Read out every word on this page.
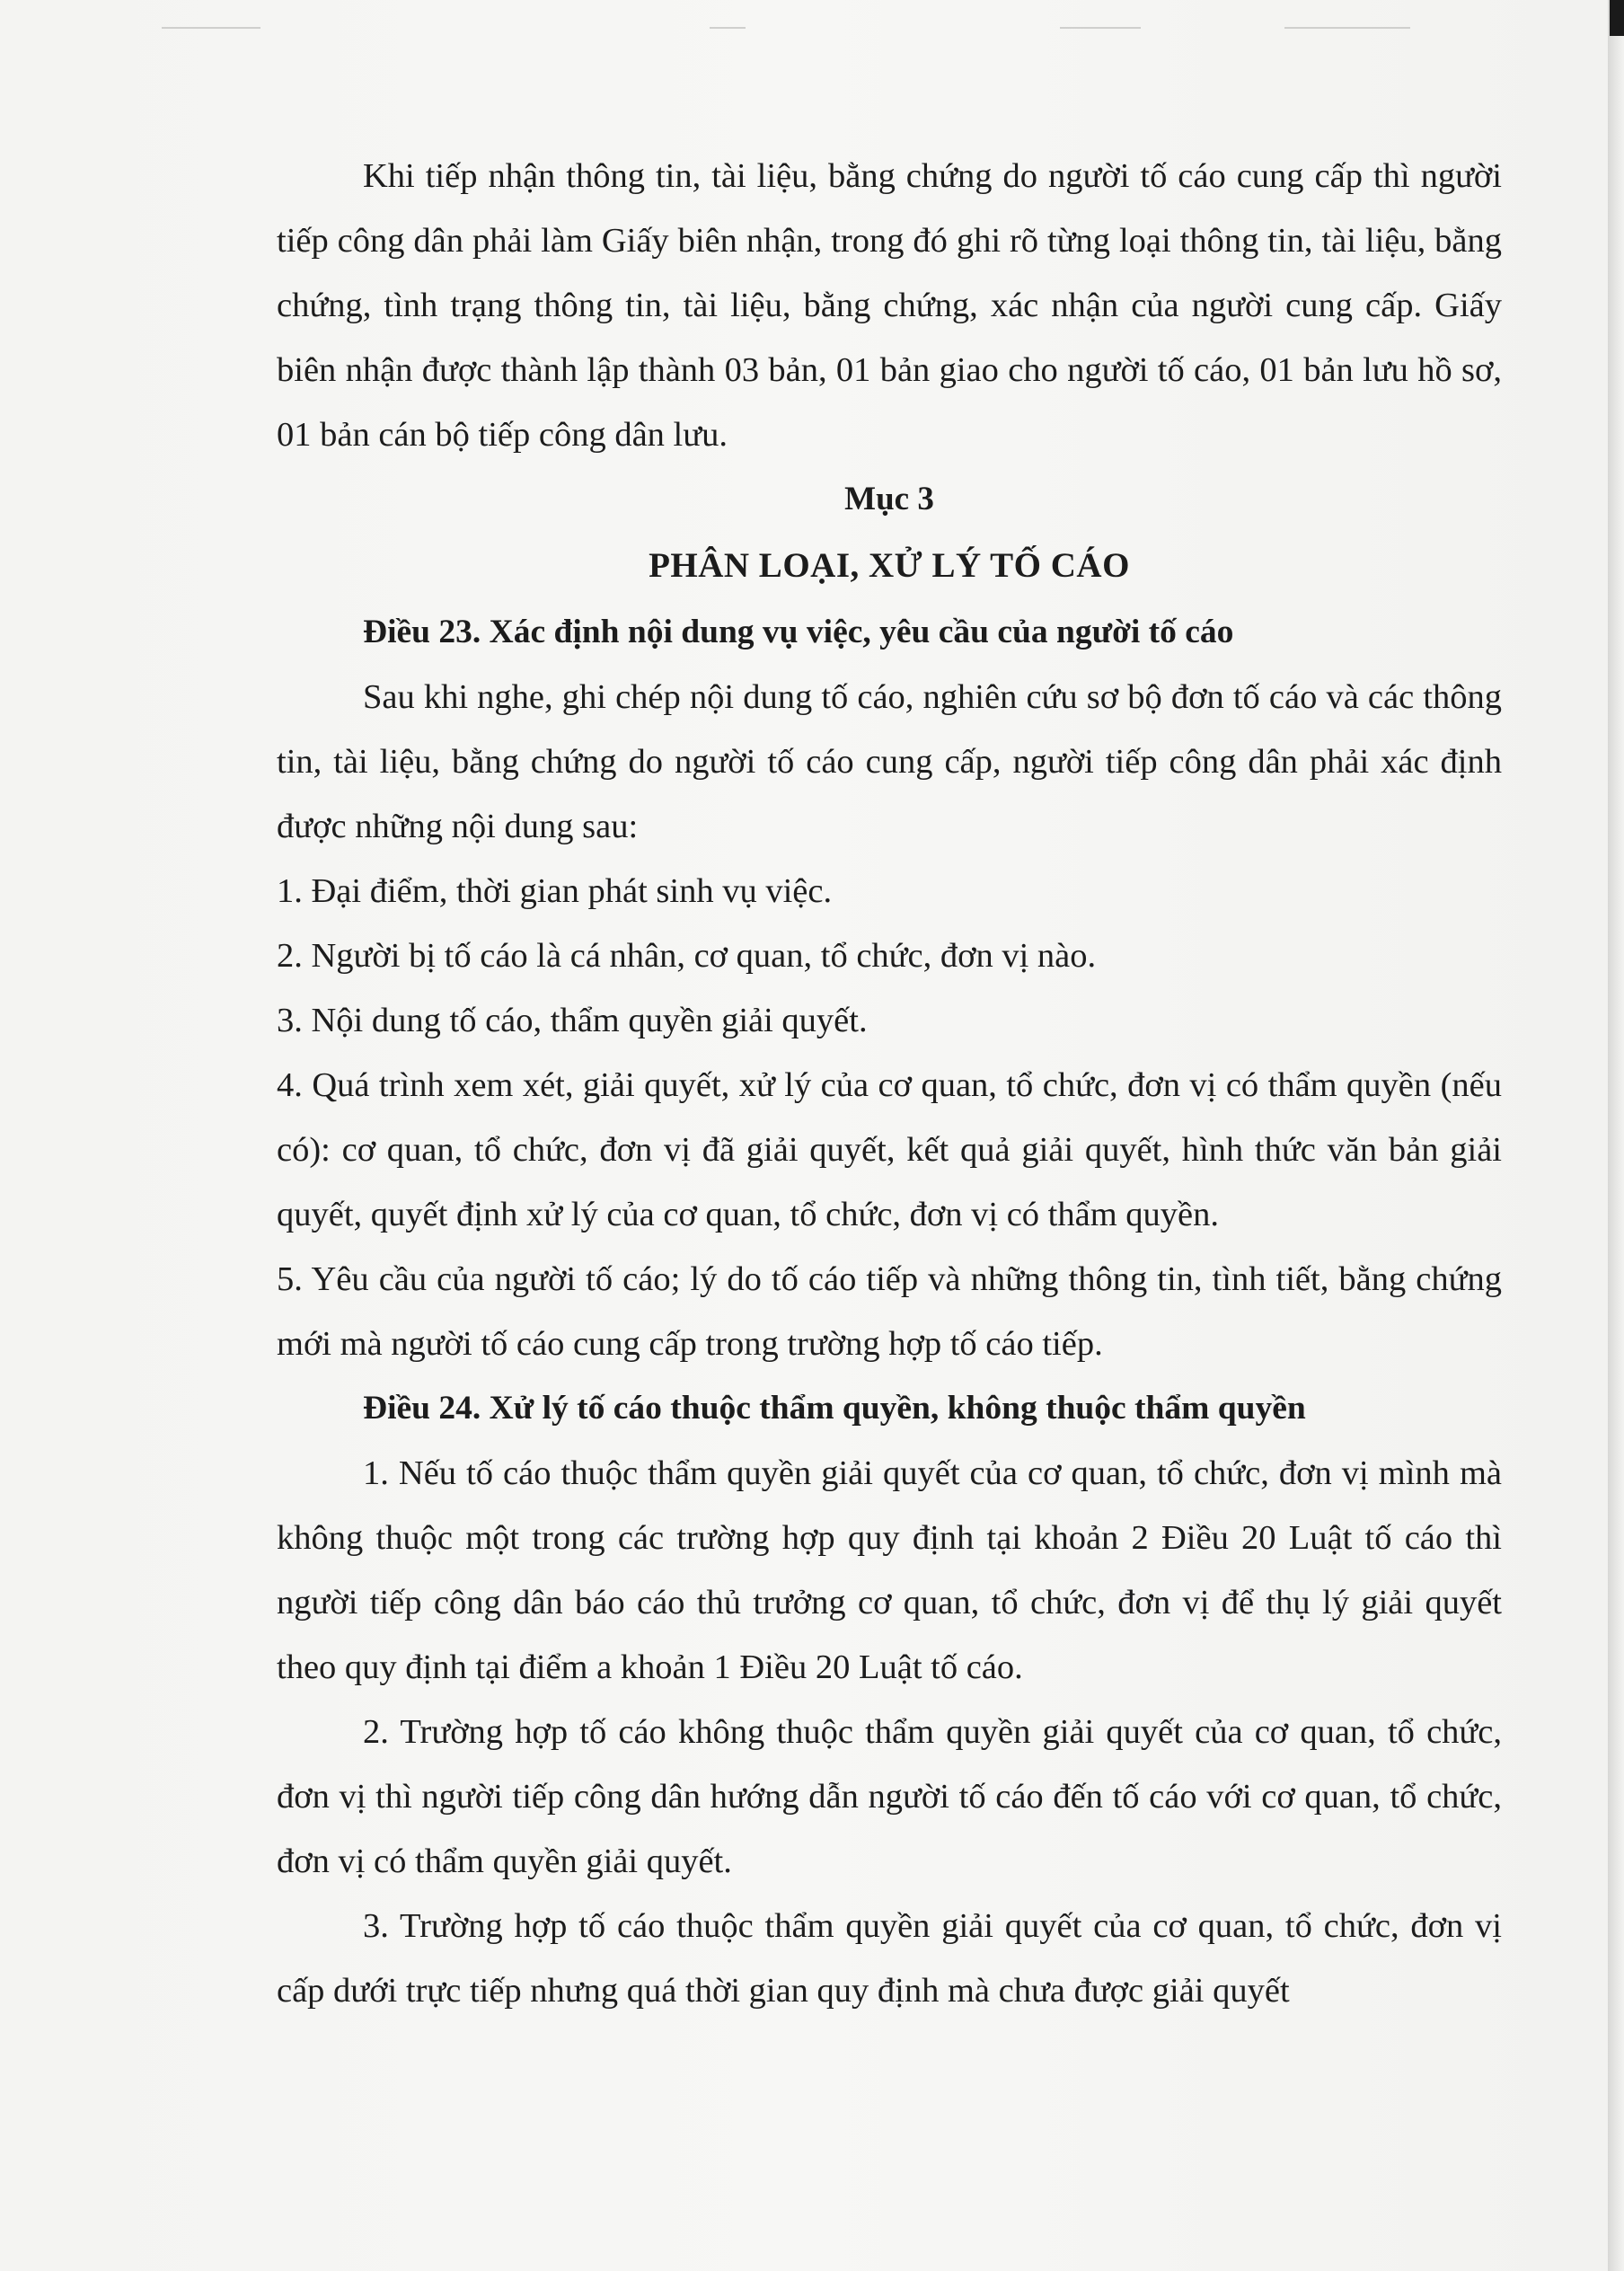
Khi tiếp nhận thông tin, tài liệu, bằng chứng do người tố cáo cung cấp thì người tiếp công dân phải làm Giấy biên nhận, trong đó ghi rõ từng loại thông tin, tài liệu, bằng chứng, tình trạng thông tin, tài liệu, bằng chứng, xác nhận của người cung cấp. Giấy biên nhận được thành lập thành 03 bản, 01 bản giao cho người tố cáo, 01 bản lưu hồ sơ, 01 bản cán bộ tiếp công dân lưu.

Mục 3

PHÂN LOẠI, XỬ LÝ TỐ CÁO

Điều 23. Xác định nội dung vụ việc, yêu cầu của người tố cáo

Sau khi nghe, ghi chép nội dung tố cáo, nghiên cứu sơ bộ đơn tố cáo và các thông tin, tài liệu, bằng chứng do người tố cáo cung cấp, người tiếp công dân phải xác định được những nội dung sau:

1. Đại điểm, thời gian phát sinh vụ việc.

2. Người bị tố cáo là cá nhân, cơ quan, tổ chức, đơn vị nào.

3. Nội dung tố cáo, thẩm quyền giải quyết.

4. Quá trình xem xét, giải quyết, xử lý của cơ quan, tổ chức, đơn vị có thẩm quyền (nếu có): cơ quan, tổ chức, đơn vị đã giải quyết, kết quả giải quyết, hình thức văn bản giải quyết, quyết định xử lý của cơ quan, tổ chức, đơn vị có thẩm quyền.

5. Yêu cầu của người tố cáo; lý do tố cáo tiếp và những thông tin, tình tiết, bằng chứng mới mà người tố cáo cung cấp trong trường hợp tố cáo tiếp.

Điều 24. Xử lý tố cáo thuộc thẩm quyền, không thuộc thẩm quyền

1. Nếu tố cáo thuộc thẩm quyền giải quyết của cơ quan, tổ chức, đơn vị mình mà không thuộc một trong các trường hợp quy định tại khoản 2 Điều 20 Luật tố cáo thì người tiếp công dân báo cáo thủ trưởng cơ quan, tổ chức, đơn vị để thụ lý giải quyết theo quy định tại điểm a khoản 1 Điều 20 Luật tố cáo.

2. Trường hợp tố cáo không thuộc thẩm quyền giải quyết của cơ quan, tổ chức, đơn vị thì người tiếp công dân hướng dẫn người tố cáo đến tố cáo với cơ quan, tổ chức, đơn vị có thẩm quyền giải quyết.

3. Trường hợp tố cáo thuộc thẩm quyền giải quyết của cơ quan, tổ chức, đơn vị cấp dưới trực tiếp nhưng quá thời gian quy định mà chưa được giải quyết
